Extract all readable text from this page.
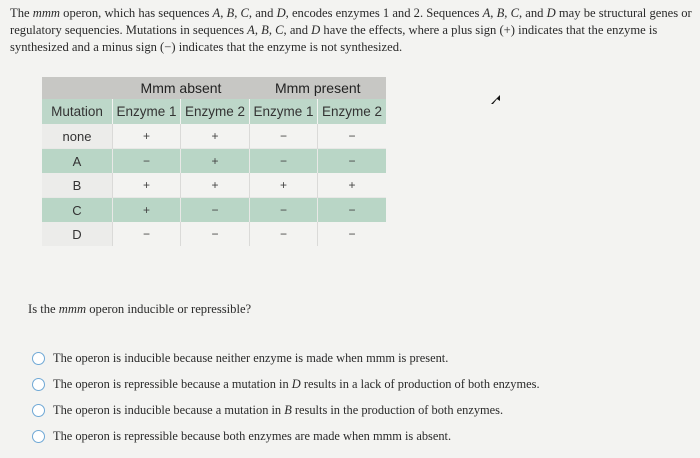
The mmm operon, which has sequences A, B, C, and D, encodes enzymes 1 and 2. Sequences A, B, C, and D may be structural genes or regulatory sequencies. Mutations in sequences A, B, C, and D have the effects, where a plus sign (+) indicates that the enzyme is synthesized and a minus sign (−) indicates that the enzyme is not synthesized.
	Mmm absent		Mmm present	
Mutation	Enzyme 1	Enzyme 2	Enzyme 1	Enzyme 2
none	+	+	−	−
A	−	+	−	−
B	+	+	+	+
C	+	−	−	−
D	−	−	−	−
Is the mmm operon inducible or repressible?
The operon is inducible because neither enzyme is made when mmm is present.
The operon is repressible because a mutation in D results in a lack of production of both enzymes.
The operon is inducible because a mutation in B results in the production of both enzymes.
The operon is repressible because both enzymes are made when mmm is absent.
